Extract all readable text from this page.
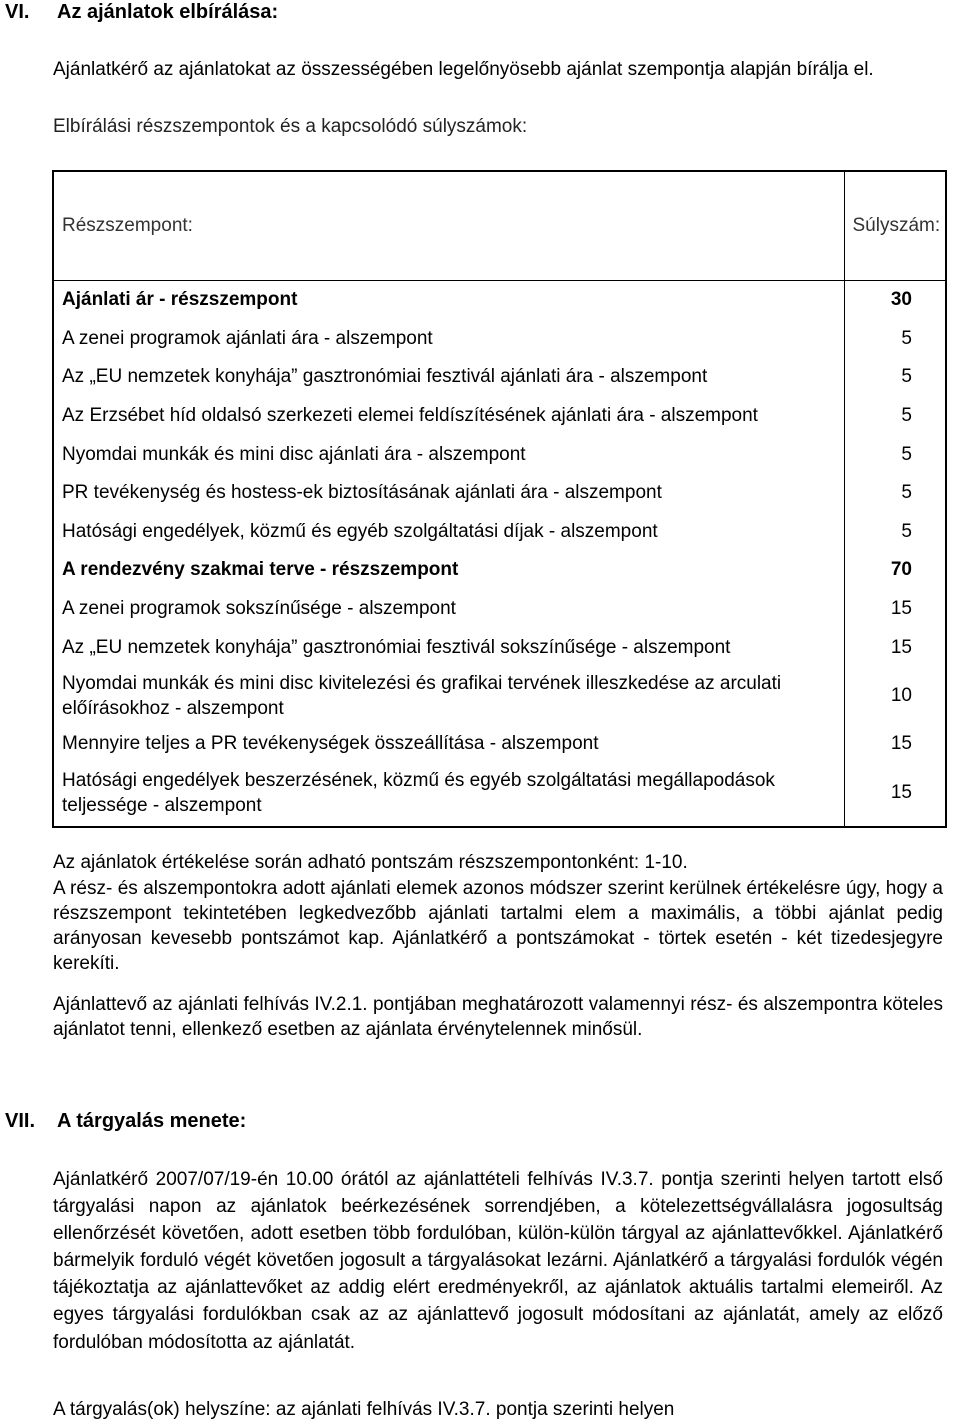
VI. Az ajánlatok elbírálása:
Ajánlatkérő az ajánlatokat az összességében legelőnyösebb ajánlat szempontja alapján bírálja el.
Elbírálási részszempontok és a kapcsolódó súlyszámok:
Részszempont:	Súlyszám:
Ajánlati ár - részszempont	30
A zenei programok ajánlati ára - alszempont	5
Az „EU nemzetek konyhája” gasztronómiai fesztivál ajánlati ára - alszempont	5
Az Erzsébet híd oldalsó szerkezeti elemei feldíszítésének ajánlati ára - alszempont	5
Nyomdai munkák és mini disc ajánlati ára - alszempont	5
PR tevékenység és hostess-ek biztosításának ajánlati ára - alszempont	5
Hatósági engedélyek, közmű és egyéb szolgáltatási díjak - alszempont	5
A rendezvény szakmai terve - részszempont	70
A zenei programok sokszínűsége - alszempont	15
Az „EU nemzetek konyhája” gasztronómiai fesztivál sokszínűsége - alszempont	15
Nyomdai munkák és mini disc kivitelezési és grafikai tervének illeszkedése az arculati előírásokhoz - alszempont	10
Mennyire teljes a PR tevékenységek összeállítása - alszempont	15
Hatósági engedélyek beszerzésének, közmű és egyéb szolgáltatási megállapodások teljessége - alszempont	15
Az ajánlatok értékelése során adható pontszám részszempontonként: 1-10.
A rész- és alszempontokra adott ajánlati elemek azonos módszer szerint kerülnek értékelésre úgy, hogy a részszempont tekintetében legkedvezőbb ajánlati tartalmi elem a maximális, a többi ajánlat pedig arányosan kevesebb pontszámot kap. Ajánlatkérő a pontszámokat - törtek esetén - két tizedesjegyre kerekíti.
Ajánlattevő az ajánlati felhívás IV.2.1. pontjában meghatározott valamennyi rész- és alszempontra köteles ajánlatot tenni, ellenkező esetben az ajánlata érvénytelennek minősül.
VII. A tárgyalás menete:
Ajánlatkérő 2007/07/19-én 10.00 órától az ajánlattételi felhívás IV.3.7. pontja szerinti helyen tartott első tárgyalási napon az ajánlatok beérkezésének sorrendjében, a kötelezettségvállalásra jogosultság ellenőrzését követően, adott esetben több fordulóban, külön-külön tárgyal az ajánlattevőkkel. Ajánlatkérő bármelyik forduló végét követően jogosult a tárgyalásokat lezárni. Ajánlatkérő a tárgyalási fordulók végén tájékoztatja az ajánlattevőket az addig elért eredményekről, az ajánlatok aktuális tartalmi elemeiről. Az egyes tárgyalási fordulókban csak az az ajánlattevő jogosult módosítani az ajánlatát, amely az előző fordulóban módosította az ajánlatát.
A tárgyalás(ok) helyszíne: az ajánlati felhívás IV.3.7. pontja szerinti helyen
